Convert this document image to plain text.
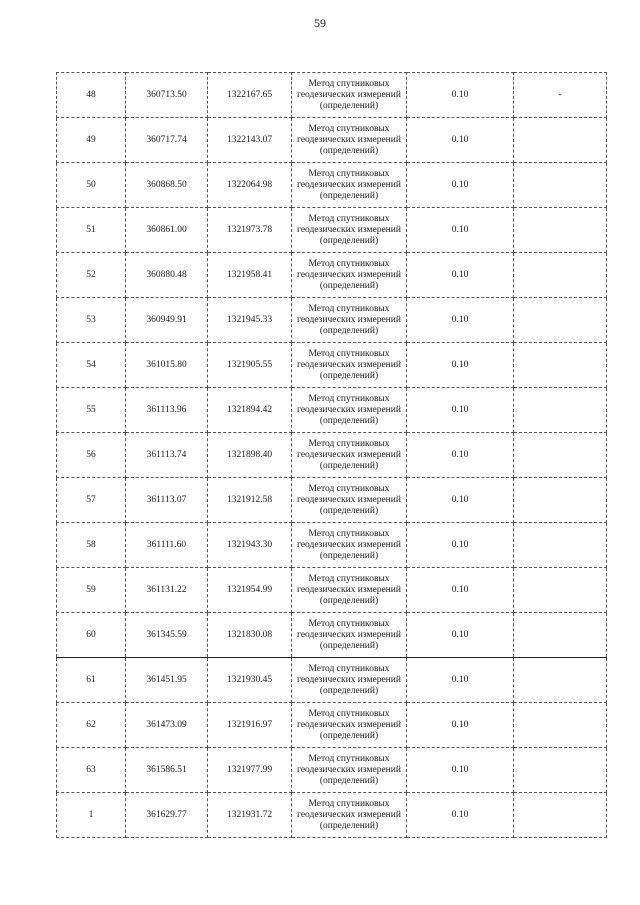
59
48	360713.50	1322167.65	Метод спутниковых геодезических измерений (определений)	0.10	-
49	360717.74	1322143.07	Метод спутниковых геодезических измерений (определений)	0.10	
50	360868.50	1322064.98	Метод спутниковых геодезических измерений (определений)	0.10	
51	360861.00	1321973.78	Метод спутниковых геодезических измерений (определений)	0.10	
52	360880.48	1321958.41	Метод спутниковых геодезических измерений (определений)	0.10	
53	360949.91	1321945.33	Метод спутниковых геодезических измерений (определений)	0.10	
54	361015.80	1321905.55	Метод спутниковых геодезических измерений (определений)	0.10	
55	361113.96	1321894.42	Метод спутниковых геодезических измерений (определений)	0.10	
56	361113.74	1321898.40	Метод спутниковых геодезических измерений (определений)	0.10	
57	361113.07	1321912.58	Метод спутниковых геодезических измерений (определений)	0.10	
58	361111.60	1321943.30	Метод спутниковых геодезических измерений (определений)	0.10	
59	361131.22	1321954.99	Метод спутниковых геодезических измерений (определений)	0.10	
60	361345.59	1321830.08	Метод спутниковых геодезических измерений (определений)	0.10	
61	361451.95	1321930.45	Метод спутниковых геодезических измерений (определений)	0.10	
62	361473.09	1321916.97	Метод спутниковых геодезических измерений (определений)	0.10	
63	361586.51	1321977.99	Метод спутниковых геодезических измерений (определений)	0.10	
1	361629.77	1321931.72	Метод спутниковых геодезических измерений (определений)	0.10	
